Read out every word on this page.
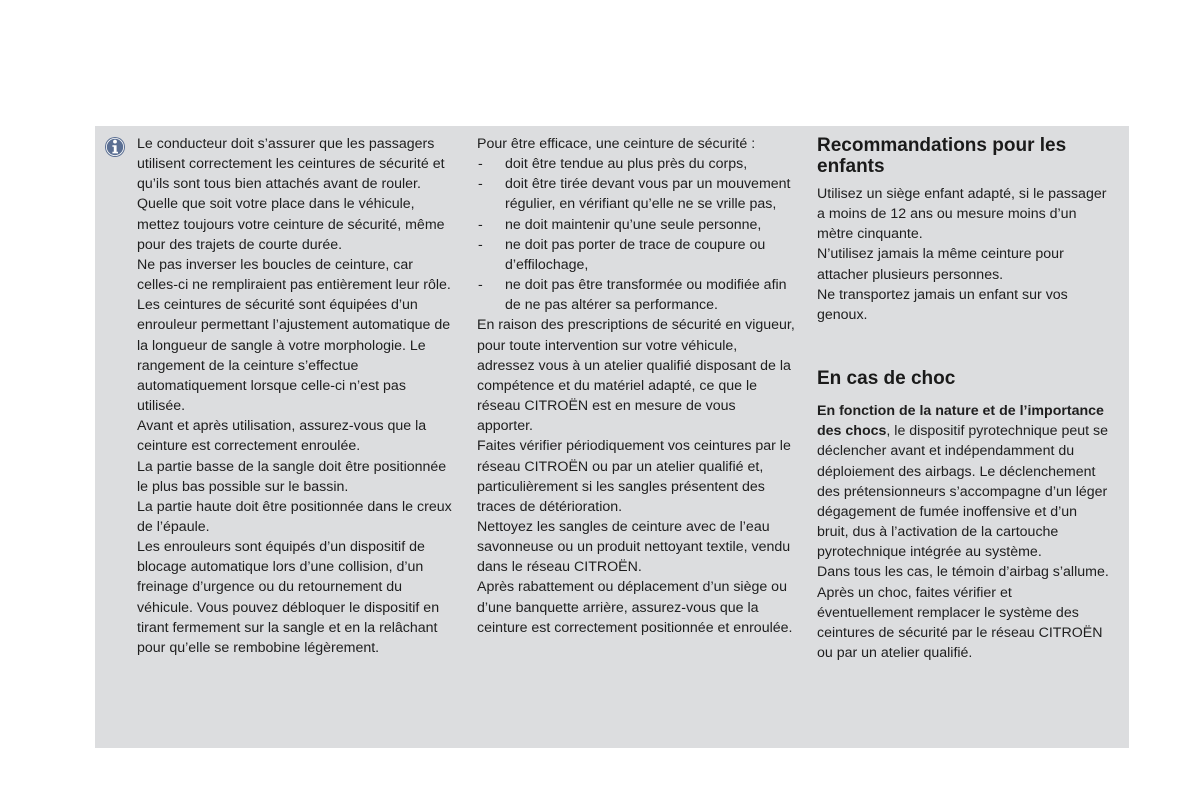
Le conducteur doit s’assurer que les passagers utilisent correctement les ceintures de sécurité et qu’ils sont tous bien attachés avant de rouler.

Quelle que soit votre place dans le véhicule, mettez toujours votre ceinture de sécurité, même pour des trajets de courte durée.

Ne pas inverser les boucles de ceinture, car celles-ci ne rempliraient pas entièrement leur rôle.

Les ceintures de sécurité sont équipées d’un enrouleur permettant l’ajustement automatique de la longueur de sangle à votre morphologie. Le rangement de la ceinture s’effectue automatiquement lorsque celle-ci n’est pas utilisée.

Avant et après utilisation, assurez-vous que la ceinture est correctement enroulée.

La partie basse de la sangle doit être positionnée le plus bas possible sur le bassin.

La partie haute doit être positionnée dans le creux de l’épaule.

Les enrouleurs sont équipés d’un dispositif de blocage automatique lors d’une collision, d’un freinage d’urgence ou du retournement du véhicule. Vous pouvez débloquer le dispositif en tirant fermement sur la sangle et en la relâchant pour qu’elle se rembobine légèrement.

Pour être efficace, une ceinture de sécurité :

- doit être tendue au plus près du corps,
- doit être tirée devant vous par un mouvement régulier, en vérifiant qu’elle ne se vrille pas,
- ne doit maintenir qu’une seule personne,
- ne doit pas porter de trace de coupure ou d’effilochage,
- ne doit pas être transformée ou modifiée afin de ne pas altérer sa performance.

En raison des prescriptions de sécurité en vigueur, pour toute intervention sur votre véhicule, adressez vous à un atelier qualifié disposant de la compétence et du matériel adapté, ce que le réseau CITROËN est en mesure de vous apporter.

Faites vérifier périodiquement vos ceintures par le réseau CITROËN ou par un atelier qualifié et, particulièrement si les sangles présentent des traces de détérioration.

Nettoyez les sangles de ceinture avec de l’eau savonneuse ou un produit nettoyant textile, vendu dans le réseau CITROËN.

Après rabattement ou déplacement d’un siège ou d’une banquette arrière, assurez-vous que la ceinture est correctement positionnée et enroulée.

Recommandations pour les enfants

Utilisez un siège enfant adapté, si le passager a moins de 12 ans ou mesure moins d’un mètre cinquante.

N’utilisez jamais la même ceinture pour attacher plusieurs personnes.

Ne transportez jamais un enfant sur vos genoux.

En cas de choc

En fonction de la nature et de l’importance des chocs, le dispositif pyrotechnique peut se déclencher avant et indépendamment du déploiement des airbags. Le déclenchement des prétensionneurs s’accompagne d’un léger dégagement de fumée inoffensive et d’un bruit, dus à l’activation de la cartouche pyrotechnique intégrée au système.

Dans tous les cas, le témoin d’airbag s’allume.

Après un choc, faites vérifier et éventuellement remplacer le système des ceintures de sécurité par le réseau CITROËN ou par un atelier qualifié.
